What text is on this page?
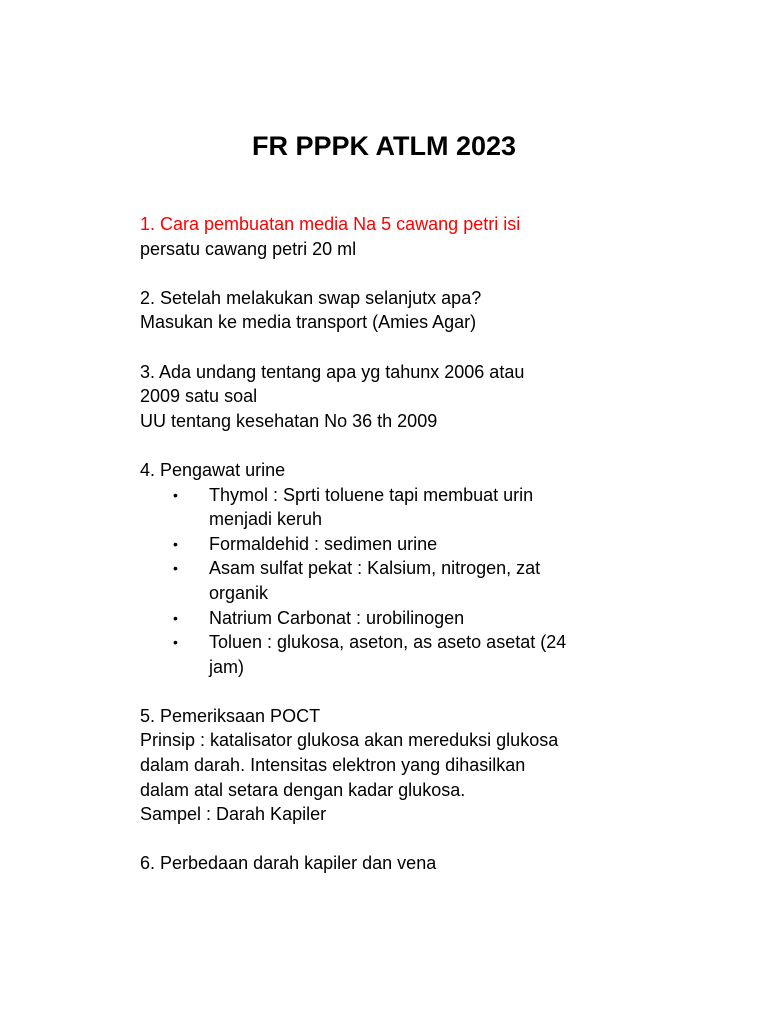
FR PPPK ATLM 2023
1. Cara pembuatan media Na 5 cawang petri isi
persatu cawang petri 20 ml
2. Setelah melakukan swap selanjutx apa?
Masukan ke media transport (Amies Agar)
3. Ada undang tentang apa yg tahunx 2006 atau
2009 satu soal
UU tentang kesehatan No 36 th 2009
4. Pengawat urine
• Thymol : Sprti toluene tapi membuat urin
menjadi keruh
• Formaldehid : sedimen urine
• Asam sulfat pekat : Kalsium, nitrogen, zat
organik
• Natrium Carbonat : urobilinogen
• Toluen : glukosa, aseton, as aseto asetat (24
jam)
5. Pemeriksaan POCT
Prinsip : katalisator glukosa akan mereduksi glukosa
dalam darah. Intensitas elektron yang dihasilkan
dalam atal setara dengan kadar glukosa.
Sampel : Darah Kapiler
6. Perbedaan darah kapiler dan vena
